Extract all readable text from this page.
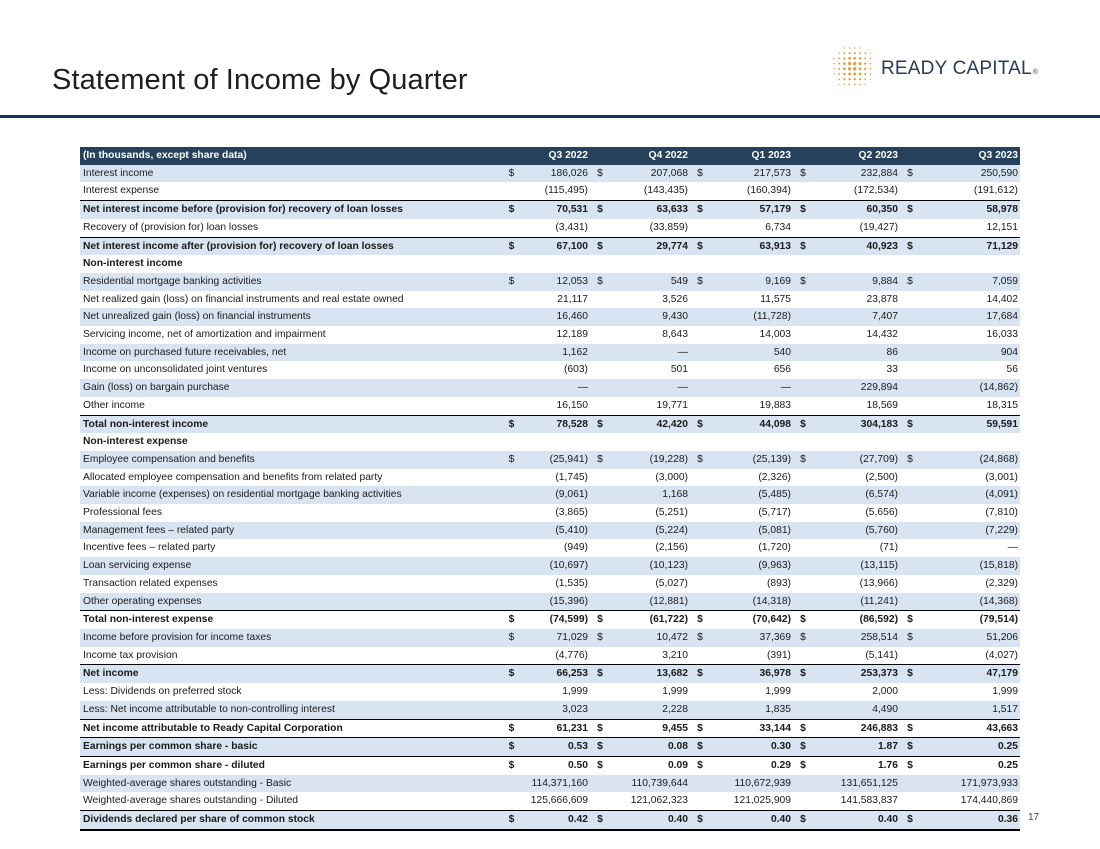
Statement of Income by Quarter	READY CAPITAL®
(In thousands, except share data)		Q3 2022		Q4 2022		Q1 2023		Q2 2023		Q3 2023
Interest income	$	186,026	$	207,068	$	217,573	$	232,884	$	250,590
Interest expense		(115,495)		(143,435)		(160,394)		(172,534)		(191,612)
Net interest income before (provision for) recovery of loan losses	$	70,531	$	63,633	$	57,179	$	60,350	$	58,978
Recovery of (provision for) loan losses		(3,431)		(33,859)		6,734		(19,427)		12,151
Net interest income after (provision for) recovery of loan losses	$	67,100	$	29,774	$	63,913	$	40,923	$	71,129
Non-interest income										
Residential mortgage banking activities	$	12,053	$	549	$	9,169	$	9,884	$	7,059
Net realized gain (loss) on financial instruments and real estate owned		21,117		3,526		11,575		23,878		14,402
Net unrealized gain (loss) on financial instruments		16,460		9,430		(11,728)		7,407		17,684
Servicing income, net of amortization and impairment		12,189		8,643		14,003		14,432		16,033
Income on purchased future receivables, net		1,162		—		540		86		904
Income on unconsolidated joint ventures		(603)		501		656		33		56
Gain (loss) on bargain purchase		—		—		—		229,894		(14,862)
Other income		16,150		19,771		19,883		18,569		18,315
Total non-interest income	$	78,528	$	42,420	$	44,098	$	304,183	$	59,591
Non-interest expense										
Employee compensation and benefits	$	(25,941)	$	(19,228)	$	(25,139)	$	(27,709)	$	(24,868)
Allocated employee compensation and benefits from related party		(1,745)		(3,000)		(2,326)		(2,500)		(3,001)
Variable income (expenses) on residential mortgage banking activities		(9,061)		1,168		(5,485)		(6,574)		(4,091)
Professional fees		(3,865)		(5,251)		(5,717)		(5,656)		(7,810)
Management fees – related party		(5,410)		(5,224)		(5,081)		(5,760)		(7,229)
Incentive fees – related party		(949)		(2,156)		(1,720)		(71)		—
Loan servicing expense		(10,697)		(10,123)		(9,963)		(13,115)		(15,818)
Transaction related expenses		(1,535)		(5,027)		(893)		(13,966)		(2,329)
Other operating expenses		(15,396)		(12,881)		(14,318)		(11,241)		(14,368)
Total non-interest expense	$	(74,599)	$	(61,722)	$	(70,642)	$	(86,592)	$	(79,514)
Income before provision for income taxes	$	71,029	$	10,472	$	37,369	$	258,514	$	51,206
Income tax provision		(4,776)		3,210		(391)		(5,141)		(4,027)
Net income	$	66,253	$	13,682	$	36,978	$	253,373	$	47,179
Less: Dividends on preferred stock		1,999		1,999		1,999		2,000		1,999
Less: Net income attributable to non-controlling interest		3,023		2,228		1,835		4,490		1,517
Net income attributable to Ready Capital Corporation	$	61,231	$	9,455	$	33,144	$	246,883	$	43,663
Earnings per common share - basic	$	0.53	$	0.08	$	0.30	$	1.87	$	0.25
Earnings per common share - diluted	$	0.50	$	0.09	$	0.29	$	1.76	$	0.25
Weighted-average shares outstanding - Basic		114,371,160		110,739,644		110,672,939		131,651,125		171,973,933
Weighted-average shares outstanding - Diluted		125,666,609		121,062,323		121,025,909		141,583,837		174,440,869
Dividends declared per share of common stock	$	0.42	$	0.40	$	0.40	$	0.40	$	0.36 17
